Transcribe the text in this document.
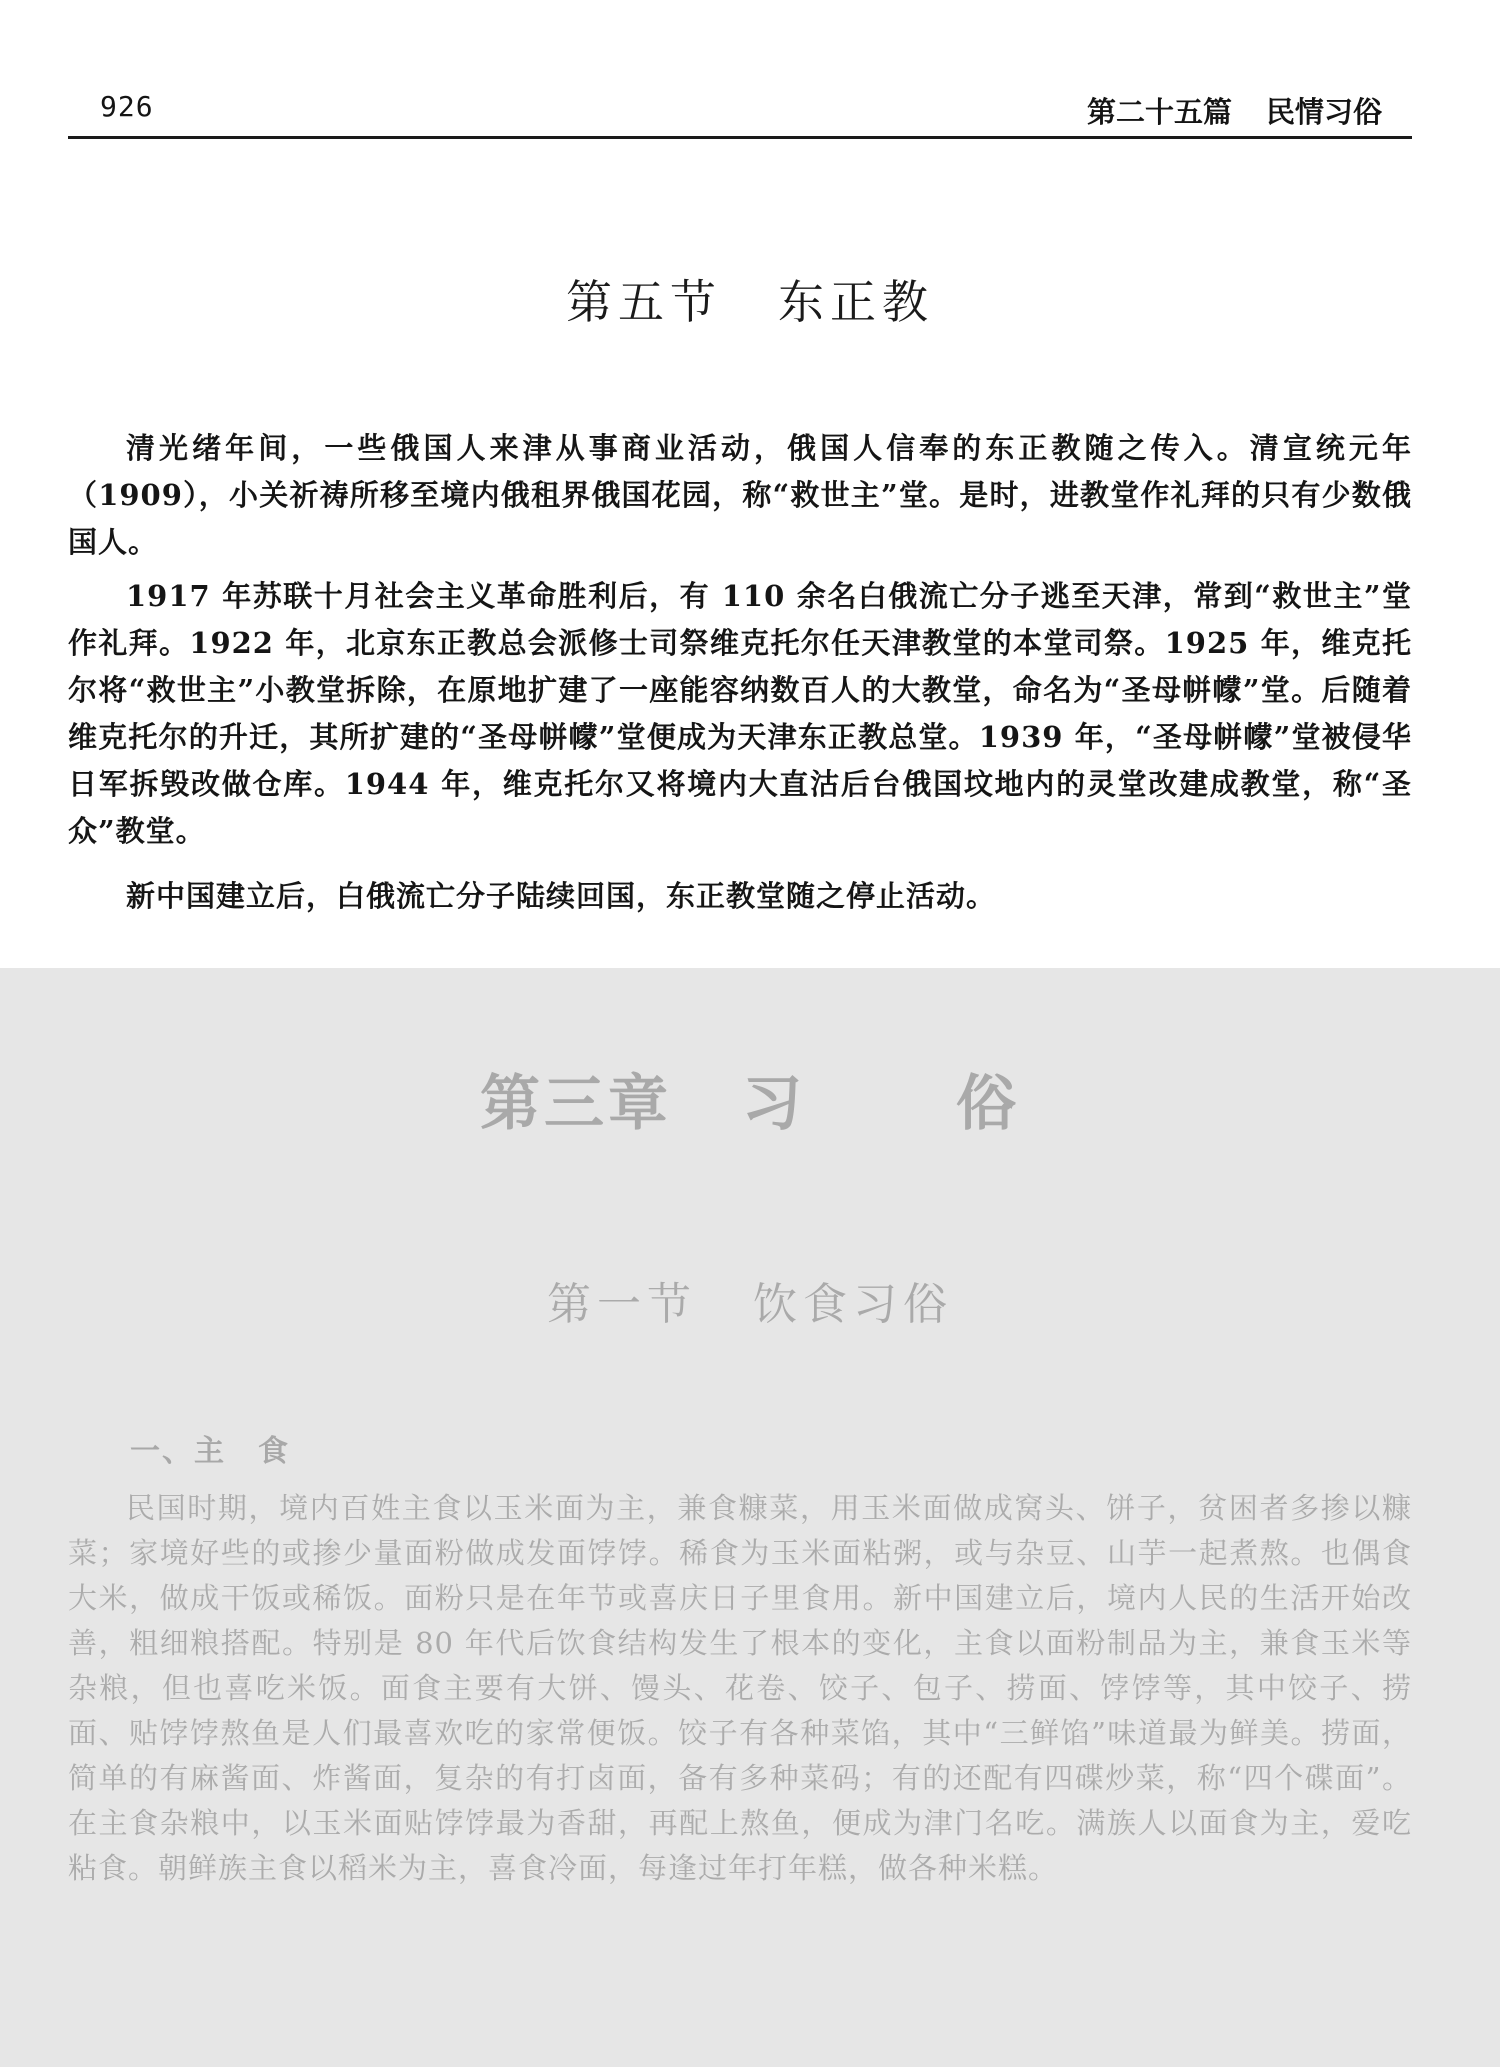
926	第二十五篇 民情习俗
第五节 东正教

清光绪年间，一些俄国人来津从事商业活动，俄国人信奉的东正教随之传入。清宣统元年（1909），小关祈祷所移至境内俄租界俄国花园，称“救世主”堂。是时，进教堂作礼拜的只有少数俄国人。

1917 年苏联十月社会主义革命胜利后，有 110 余名白俄流亡分子逃至天津，常到“救世主”堂作礼拜。1922 年，北京东正教总会派修士司祭维克托尔任天津教堂的本堂司祭。1925 年，维克托尔将“救世主”小教堂拆除，在原地扩建了一座能容纳数百人的大教堂，命名为“圣母帡幪”堂。后随着维克托尔的升迁，其所扩建的“圣母帡幪”堂便成为天津东正教总堂。1939 年，“圣母帡幪”堂被侵华日军拆毁改做仓库。1944 年，维克托尔又将境内大直沽后台俄国坟地内的灵堂改建成教堂，称“圣众”教堂。

新中国建立后，白俄流亡分子陆续回国，东正教堂随之停止活动。

第三章 习	俗
第一节 饮食习俗
一、主 食

民国时期，境内百姓主食以玉米面为主，兼食糠菜，用玉米面做成窝头、饼子，贫困者多掺以糠菜；家境好些的或掺少量面粉做成发面饽饽。稀食为玉米面粘粥，或与杂豆、山芋一起煮熬。也偶食大米，做成干饭或稀饭。面粉只是在年节或喜庆日子里食用。新中国建立后，境内人民的生活开始改善，粗细粮搭配。特别是 80 年代后饮食结构发生了根本的变化，主食以面粉制品为主，兼食玉米等杂粮，但也喜吃米饭。面食主要有大饼、馒头、花卷、饺子、包子、捞面、饽饽等，其中饺子、捞面、贴饽饽熬鱼是人们最喜欢吃的家常便饭。饺子有各种菜馅，其中“三鲜馅”味道最为鲜美。捞面，简单的有麻酱面、炸酱面，复杂的有打卤面，备有多种菜码；有的还配有四碟炒菜，称“四个碟面”。在主食杂粮中，以玉米面贴饽饽最为香甜，再配上熬鱼，便成为津门名吃。满族人以面食为主，爱吃粘食。朝鲜族主食以稻米为主，喜食冷面，每逢过年打年糕，做各种米糕。
